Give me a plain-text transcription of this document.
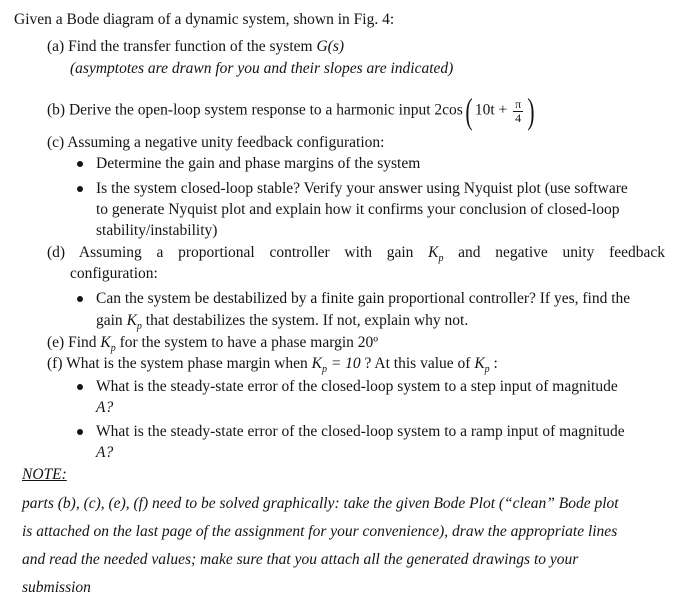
Given a Bode diagram of a dynamic system, shown in Fig. 4:
(a) Find the transfer function of the system G(s)
(asymptotes are drawn for you and their slopes are indicated)
(b) Derive the open-loop system response to a harmonic input 2cos( $10t + \frac{\pi}{4}$ )
(c) Assuming a negative unity feedback configuration:
Determine the gain and phase margins of the system
Is the system closed-loop stable? Verify your answer using Nyquist plot (use software
to generate Nyquist plot and explain how it confirms your conclusion of closed-loop
stability/instability)
(d) Assuming a proportional controller with gain $K_p$ and negative unity feedback
configuration:
Can the system be destabilized by a finite gain proportional controller? If yes, find the
gain $K_p$ that destabilizes the system. If not, explain why not.
(e) Find $K_p$ for the system to have a phase margin 20º
(f) What is the system phase margin when $K_p = 10$ ? At this value of $K_p$ :
What is the steady-state error of the closed-loop system to a step input of magnitude
A?
What is the steady-state error of the closed-loop system to a ramp input of magnitude
A?
NOTE:
parts (b), (c), (e), (f) need to be solved graphically: take the given Bode Plot (“clean” Bode plot
is attached on the last page of the assignment for your convenience), draw the appropriate lines
and read the needed values; make sure that you attach all the generated drawings to your
submission
